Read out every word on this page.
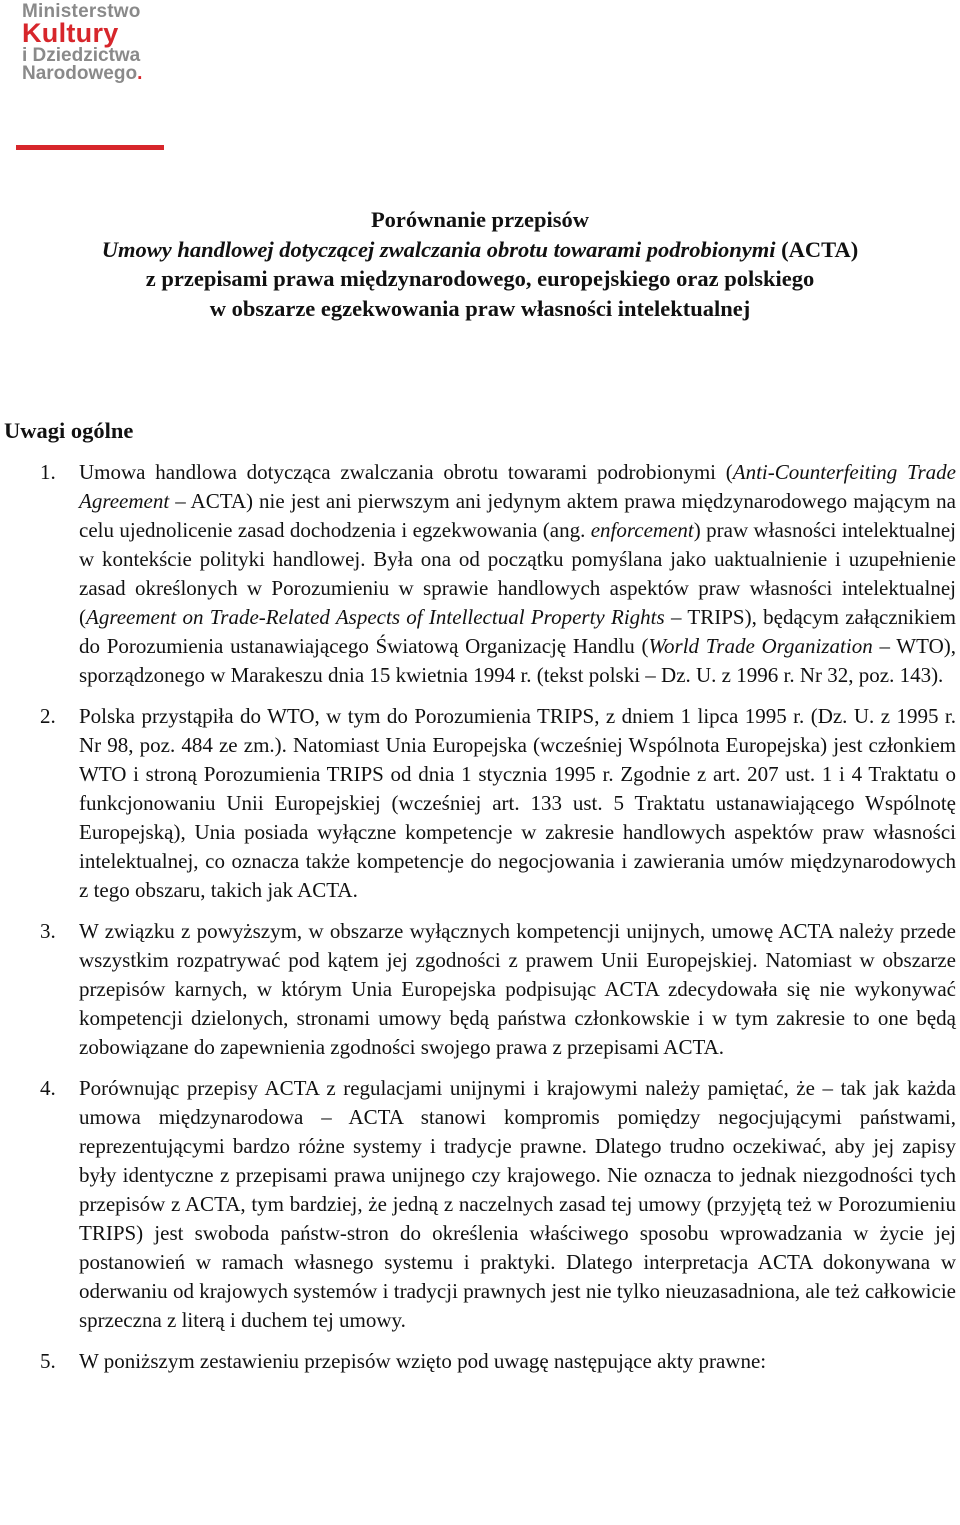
Ministerstwo
Kultury
i Dziedzictwa
Narodowego.
Porównanie przepisów
Umowy handlowej dotyczącej zwalczania obrotu towarami podrobionymi (ACTA)
z przepisami prawa międzynarodowego, europejskiego oraz polskiego
w obszarze egzekwowania praw własności intelektualnej
Uwagi ogólne
1. Umowa handlowa dotycząca zwalczania obrotu towarami podrobionymi (Anti-Counterfeiting Trade Agreement – ACTA) nie jest ani pierwszym ani jedynym aktem prawa międzynarodowego mającym na celu ujednolicenie zasad dochodzenia i egzekwowania (ang. enforcement) praw własności intelektualnej w kontekście polityki handlowej. Była ona od początku pomyślana jako uaktualnienie i uzupełnienie zasad określonych w Porozumieniu w sprawie handlowych aspektów praw własności intelektualnej (Agreement on Trade-Related Aspects of Intellectual Property Rights – TRIPS), będącym załącznikiem do Porozumienia ustanawiającego Światową Organizację Handlu (World Trade Organization – WTO), sporządzonego w Marakeszu dnia 15 kwietnia 1994 r. (tekst polski – Dz. U. z 1996 r. Nr 32, poz. 143).
2. Polska przystąpiła do WTO, w tym do Porozumienia TRIPS, z dniem 1 lipca 1995 r. (Dz. U. z 1995 r. Nr 98, poz. 484 ze zm.). Natomiast Unia Europejska (wcześniej Wspólnota Europejska) jest członkiem WTO i stroną Porozumienia TRIPS od dnia 1 stycznia 1995 r. Zgodnie z art. 207 ust. 1 i 4 Traktatu o funkcjonowaniu Unii Europejskiej (wcześniej art. 133 ust. 5 Traktatu ustanawiającego Wspólnotę Europejską), Unia posiada wyłączne kompetencje w zakresie handlowych aspektów praw własności intelektualnej, co oznacza także kompetencje do negocjowania i zawierania umów międzynarodowych z tego obszaru, takich jak ACTA.
3. W związku z powyższym, w obszarze wyłącznych kompetencji unijnych, umowę ACTA należy przede wszystkim rozpatrywać pod kątem jej zgodności z prawem Unii Europejskiej. Natomiast w obszarze przepisów karnych, w którym Unia Europejska podpisując ACTA zdecydowała się nie wykonywać kompetencji dzielonych, stronami umowy będą państwa członkowskie i w tym zakresie to one będą zobowiązane do zapewnienia zgodności swojego prawa z przepisami ACTA.
4. Porównując przepisy ACTA z regulacjami unijnymi i krajowymi należy pamiętać, że – tak jak każda umowa międzynarodowa – ACTA stanowi kompromis pomiędzy negocjującymi państwami, reprezentującymi bardzo różne systemy i tradycje prawne. Dlatego trudno oczekiwać, aby jej zapisy były identyczne z przepisami prawa unijnego czy krajowego. Nie oznacza to jednak niezgodności tych przepisów z ACTA, tym bardziej, że jedną z naczelnych zasad tej umowy (przyjętą też w Porozumieniu TRIPS) jest swoboda państw-stron do określenia właściwego sposobu wprowadzania w życie jej postanowień w ramach własnego systemu i praktyki. Dlatego interpretacja ACTA dokonywana w oderwaniu od krajowych systemów i tradycji prawnych jest nie tylko nieuzasadniona, ale też całkowicie sprzeczna z literą i duchem tej umowy.
5. W poniższym zestawieniu przepisów wzięto pod uwagę następujące akty prawne:
